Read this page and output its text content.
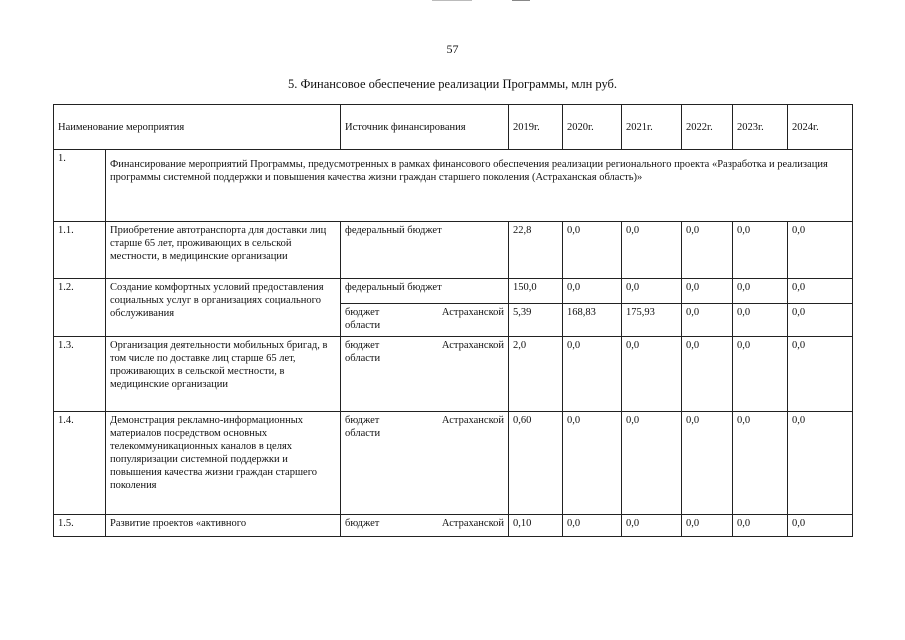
57
5. Финансовое обеспечение реализации Программы, млн руб.
Наименование мероприятия		Источник финансирования	2019г.	2020г.	2021г.	2022г.	2023г.	2024г.
1.	Финансирование мероприятий Программы, предусмотренных в рамках финансового обеспечения реализации регионального проекта «Разработка и реализация программы системной поддержки и повышения качества жизни граждан старшего поколения (Астраханская область)»							
1.1.	Приобретение автотранспорта для доставки лиц старше 65 лет, проживающих в сельской местности, в медицинские организации	федеральный бюджет	22,8	0,0	0,0	0,0	0,0	0,0
1.2.	Создание комфортных условий предоставления социальных услуг в организациях социального обслуживания	федеральный бюджет	150,0	0,0	0,0	0,0	0,0	0,0

		бюджет Астраханской
области	5,39	168,83	175,93	0,0	0,0	0,0
1.3.	Организация деятельности мобильных бригад, в том числе по доставке лиц старше 65 лет, проживающих в сельской местности, в медицинские организации	бюджет Астраханской
области	2,0	0,0	0,0	0,0	0,0	0,0
1.4.	Демонстрация рекламно-информационных материалов посредством основных телекоммуникационных каналов в целях популяризации системной поддержки и повышения качества жизни граждан старшего поколения	бюджет Астраханской
области	0,60	0,0	0,0	0,0	0,0	0,0
1.5.	Развитие проектов «активного	бюджет Астраханской	0,10	0,0	0,0	0,0	0,0	0,0
